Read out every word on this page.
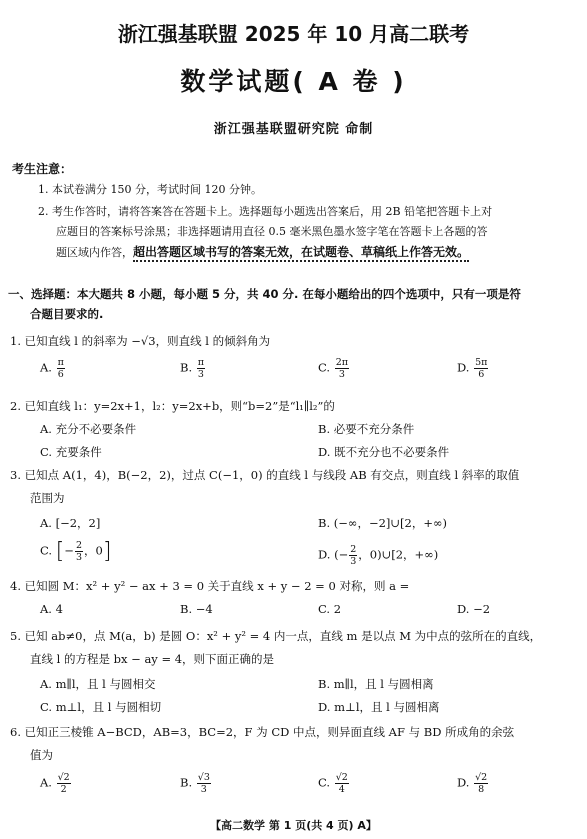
浙江强基联盟 2025 年 10 月高二联考
数学试题( A 卷 )
浙江强基联盟研究院 命制
考生注意：
1. 本试卷满分 150 分，考试时间 120 分钟。
2. 考生作答时，请将答案答在答题卡上。选择题每小题选出答案后，用 2B 铅笔把答题卡上对
应题目的答案标号涂黑；非选择题请用直径 0.5 毫米黑色墨水签字笔在答题卡上各题的答
题区域内作答，超出答题区域书写的答案无效，在试题卷、草稿纸上作答无效。
一、选择题：本大题共 8 小题，每小题 5 分，共 40 分. 在每小题给出的四个选项中，只有一项是符
合题目要求的.
1. 已知直线 l 的斜率为 −√3，则直线 l 的倾斜角为
A. $\frac{\pi}{6}$	B. $\frac{\pi}{3}$	C. $\frac{2\pi}{3}$	D. $\frac{5\pi}{6}$
2. 已知直线 l₁：y=2x+1，l₂：y=2x+b，则“b=2”是“l₁∥l₂”的
A. 充分不必要条件	B. 必要不充分条件
C. 充要条件	D. 既不充分也不必要条件
3. 已知点 A(1，4)，B(−2，2)，过点 C(−1，0) 的直线 l 与线段 AB 有交点，则直线 l 斜率的取值
范围为
A. [−2，2]	B. (−∞，−2]∪[2，+∞)
C. [− $\frac{2}{3}$ ，0]	D. (− $\frac{2}{3}$ ，0)∪[2，+∞)
4. 已知圆 M：x² + y² − ax + 3 = 0 关于直线 x + y − 2 = 0 对称，则 a =
A. 4	B. −4	C. 2	D. −2
5. 已知 ab≠0，点 M(a，b) 是圆 O：x² + y² = 4 内一点，直线 m 是以点 M 为中点的弦所在的直线，
直线 l 的方程是 bx − ay = 4，则下面正确的是
A. m∥l，且 l 与圆相交	B. m∥l，且 l 与圆相离
C. m⊥l，且 l 与圆相切	D. m⊥l，且 l 与圆相离
6. 已知正三棱锥 A−BCD，AB=3，BC=2，F 为 CD 中点，则异面直线 AF 与 BD 所成角的余弦
值为
A. $\frac{√2}{2}$	B. $\frac{√3}{3}$	C. $\frac{√2}{4}$	D. $\frac{√2}{8}$
【高二数学 第 1 页(共 4 页) A】
